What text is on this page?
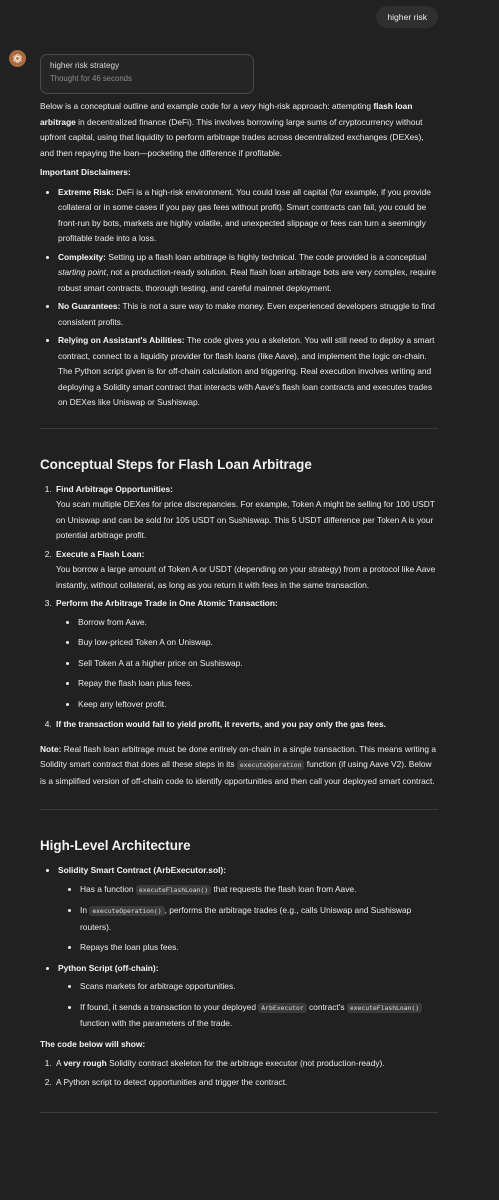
higher risk
higher risk strategy
Thought for 46 seconds

Below is a conceptual outline and example code for a very high-risk approach: attempting flash loan arbitrage in decentralized finance (DeFi). This involves borrowing large sums of cryptocurrency without upfront capital, using that liquidity to perform arbitrage trades across decentralized exchanges (DEXes), and then repaying the loan—pocketing the difference if profitable.

Important Disclaimers:

• Extreme Risk: DeFi is a high-risk environment. You could lose all capital (for example, if you provide collateral or in some cases if you pay gas fees without profit). Smart contracts can fail, you could be front-run by bots, markets are highly volatile, and unexpected slippage or fees can turn a seemingly profitable trade into a loss.
• Complexity: Setting up a flash loan arbitrage is highly technical. The code provided is a conceptual starting point, not a production-ready solution. Real flash loan arbitrage bots are very complex, require robust smart contracts, thorough testing, and careful mainnet deployment.
• No Guarantees: This is not a sure way to make money. Even experienced developers struggle to find consistent profits.
• Relying on Assistant's Abilities: The code gives you a skeleton. You will still need to deploy a smart contract, connect to a liquidity provider for flash loans (like Aave), and implement the logic on-chain. The Python script given is for off-chain calculation and triggering. Real execution involves writing and deploying a Solidity smart contract that interacts with Aave's flash loan contracts and executes trades on DEXes like Uniswap or Sushiswap.
Conceptual Steps for Flash Loan Arbitrage
1. Find Arbitrage Opportunities:
You scan multiple DEXes for price discrepancies. For example, Token A might be selling for 100 USDT on Uniswap and can be sold for 105 USDT on Sushiswap. This 5 USDT difference per Token A is your potential arbitrage profit.
2. Execute a Flash Loan:
You borrow a large amount of Token A or USDT (depending on your strategy) from a protocol like Aave instantly, without collateral, as long as you return it with fees in the same transaction.
3. Perform the Arbitrage Trade in One Atomic Transaction:
• Borrow from Aave.
• Buy low-priced Token A on Uniswap.
• Sell Token A at a higher price on Sushiswap.
• Repay the flash loan plus fees.
• Keep any leftover profit.
4. If the transaction would fail to yield profit, it reverts, and you pay only the gas fees.

Note: Real flash loan arbitrage must be done entirely on-chain in a single transaction. This means writing a Solidity smart contract that does all these steps in its executeOperation function (if using Aave V2). Below is a simplified version of off-chain code to identify opportunities and then call your deployed smart contract.

High-Level Architecture
• Solidity Smart Contract (ArbExecutor.sol):
• Has a function executeFlashLoan() that requests the flash loan from Aave.
• In executeOperation() , performs the arbitrage trades (e.g., calls Uniswap and Sushiswap routers).
• Repays the loan plus fees.
• Python Script (off-chain):
• Scans markets for arbitrage opportunities.
• If found, it sends a transaction to your deployed ArbExecutor contract's executeFlashLoan() function with the parameters of the trade.

The code below will show:

1. A very rough Solidity contract skeleton for the arbitrage executor (not production-ready).
2. A Python script to detect opportunities and trigger the contract.
